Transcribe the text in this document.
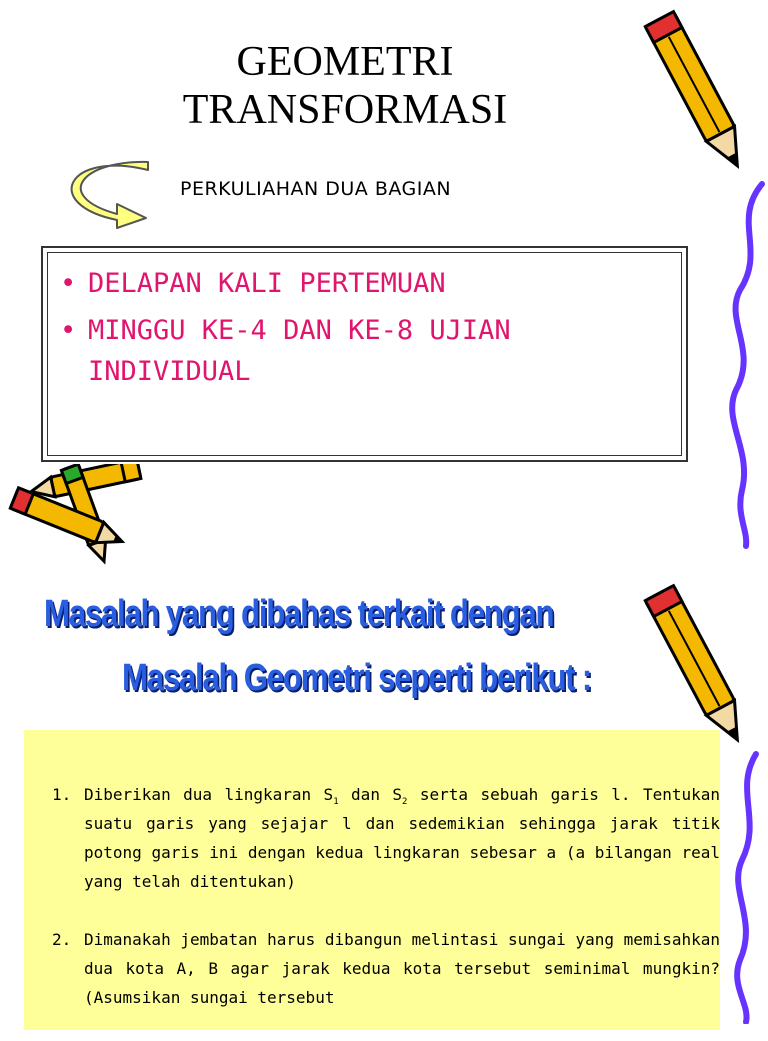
GEOMETRI
TRANSFORMASI

PERKULIAHAN DUA BAGIAN

• DELAPAN KALI PERTEMUAN
• MINGGU KE-4 DAN KE-8 UJIAN INDIVIDUAL
Masalah yang dibahas terkait dengan
Masalah Geometri seperti berikut :
1. Diberikan dua lingkaran $S_1$ dan $S_2$ serta sebuah garis l. Tentukan suatu garis yang sejajar l dan sedemikian sehingga jarak titik potong garis ini dengan kedua lingkaran sebesar a (a bilangan real yang telah ditentukan)
2. Dimanakah jembatan harus dibangun melintasi sungai yang memisahkan dua kota A, B agar jarak kedua kota tersebut seminimal mungkin? (Asumsikan sungai tersebut
